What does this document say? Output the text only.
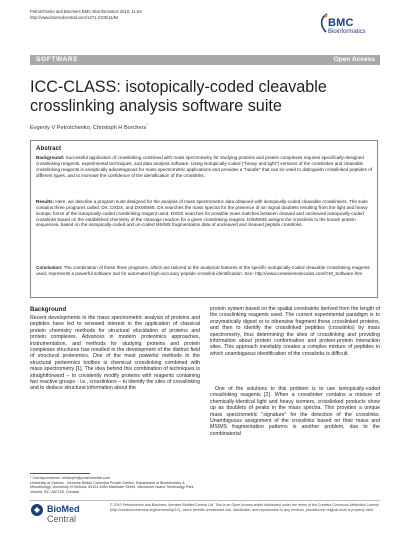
Petrotchenko and Borchers BMC Bioinformatics 2010, 11:64
http://www.biomedcentral.com/1471-2105/11/64	BMC
Bioinformatics
SOFTWARE	Open Access
ICC-CLASS: isotopically-coded cleavable crosslinking analysis software suite
Evgeniy V Petrotchenko, Christoph H Borchers*
Abstract
Background: Successful application of crosslinking combined with mass spectrometry for studying proteins and protein complexes requires specifically-designed crosslinking reagents, experimental techniques, and data analysis software. Using isotopically-coded ("heavy and light") versions of the crosslinker and cleavable crosslinking reagents is analytically advantageous for mass spectrometric applications and provides a "handle" that can be used to distinguish crosslinked peptides of different types, and to increase the confidence of the identification of the crosslinks.
Results: Here, we describe a program suite designed for the analysis of mass spectrometric data obtained with isotopically-coded cleavable crosslinkers. The suite contains three programs called: DX, DXDX, and DXMSMS. DX searches the mass spectra for the presence of ion signal doublets resulting from the light and heavy isotopic forms of the isotopically-coded crosslinking reagent used. DXDX searches for possible mass matches between cleaved and uncleaved isotopically-coded crosslinks based on the established chemistry of the cleavage reaction for a given crosslinking reagent. DXMSMS assigns the crosslinks to the known protein sequences, based on the isotopically-coded and un-coded MS/MS fragmentation data of uncleaved and cleaved peptide crosslinks.
Conclusion: The combination of these three programs, which are tailored to the analytical features of the specific isotopically-coded cleavable crosslinking reagents used, represents a powerful software tool for automated high-accuracy peptide crosslink identification. See: http://www.creativemolecules.com/CM_Software.htm
Background
Recent developments in the mass spectrometric analysis of proteins and peptides have led to renewed interest in the application of classical protein chemistry methods for structural elucidation of proteins and protein complexes. Advances in modern proteomics approaches, instrumentation, and methods for studying proteins and protein complexes structures has resulted in the development of the distinct field of structural proteomics. One of the most powerful methods in the structural proteomics toolbox is chemical crosslinking combined with mass spectrometry [1]. The idea behind this combination of techniques is straightforward – to covalently modify proteins with reagents containing two reactive groups - i.e., crosslinkers – to identify the sites of crosslinking and to deduce structural information about the
protein system based on the spatial constraints derived from the length of the crosslinking reagents used. The current experimental paradigm is to enzymatically digest or to otherwise fragment these crosslinked proteins, and then to identify the crosslinked peptides (crosslinks) by mass spectrometry, thus determining the sites of crosslinking and providing information about protein conformation and protein-protein interaction sites. This approach inevitably creates a complex mixture of peptides in which unambiguous identification of the crosslinks is difficult.
One of the solutions to this problem is to use isotopically-coded crosslinking reagents [2]. When a crosslinker contains a mixture of chemically-identical light and heavy isomers, crosslinked products show up as doublets of peaks in the mass spectra. This provides a unique mass spectrometric "signature" for the detection of the crosslinks. Unambiguous assignment of the crosslinks based on their mass and MS/MS fragmentation patterns is another problem, due to the combinatorial
* Correspondence: christoph@proteincentre.com
University of Victoria - Genome British Columbia Protein Centre, Department of Biochemistry & Microbiology, University of Victoria, #3101-4464 Markham Street, Vancouver Island Technology Park Victoria, BC V8Z7X8, Canada
BioMed Central
© 2010 Petrotchenko and Borchers; licensee BioMed Central Ltd. This is an Open Access article distributed under the terms of the Creative Commons Attribution License (http://creativecommons.org/licenses/by/2.0), which permits unrestricted use, distribution, and reproduction in any medium, provided the original work is properly cited.
